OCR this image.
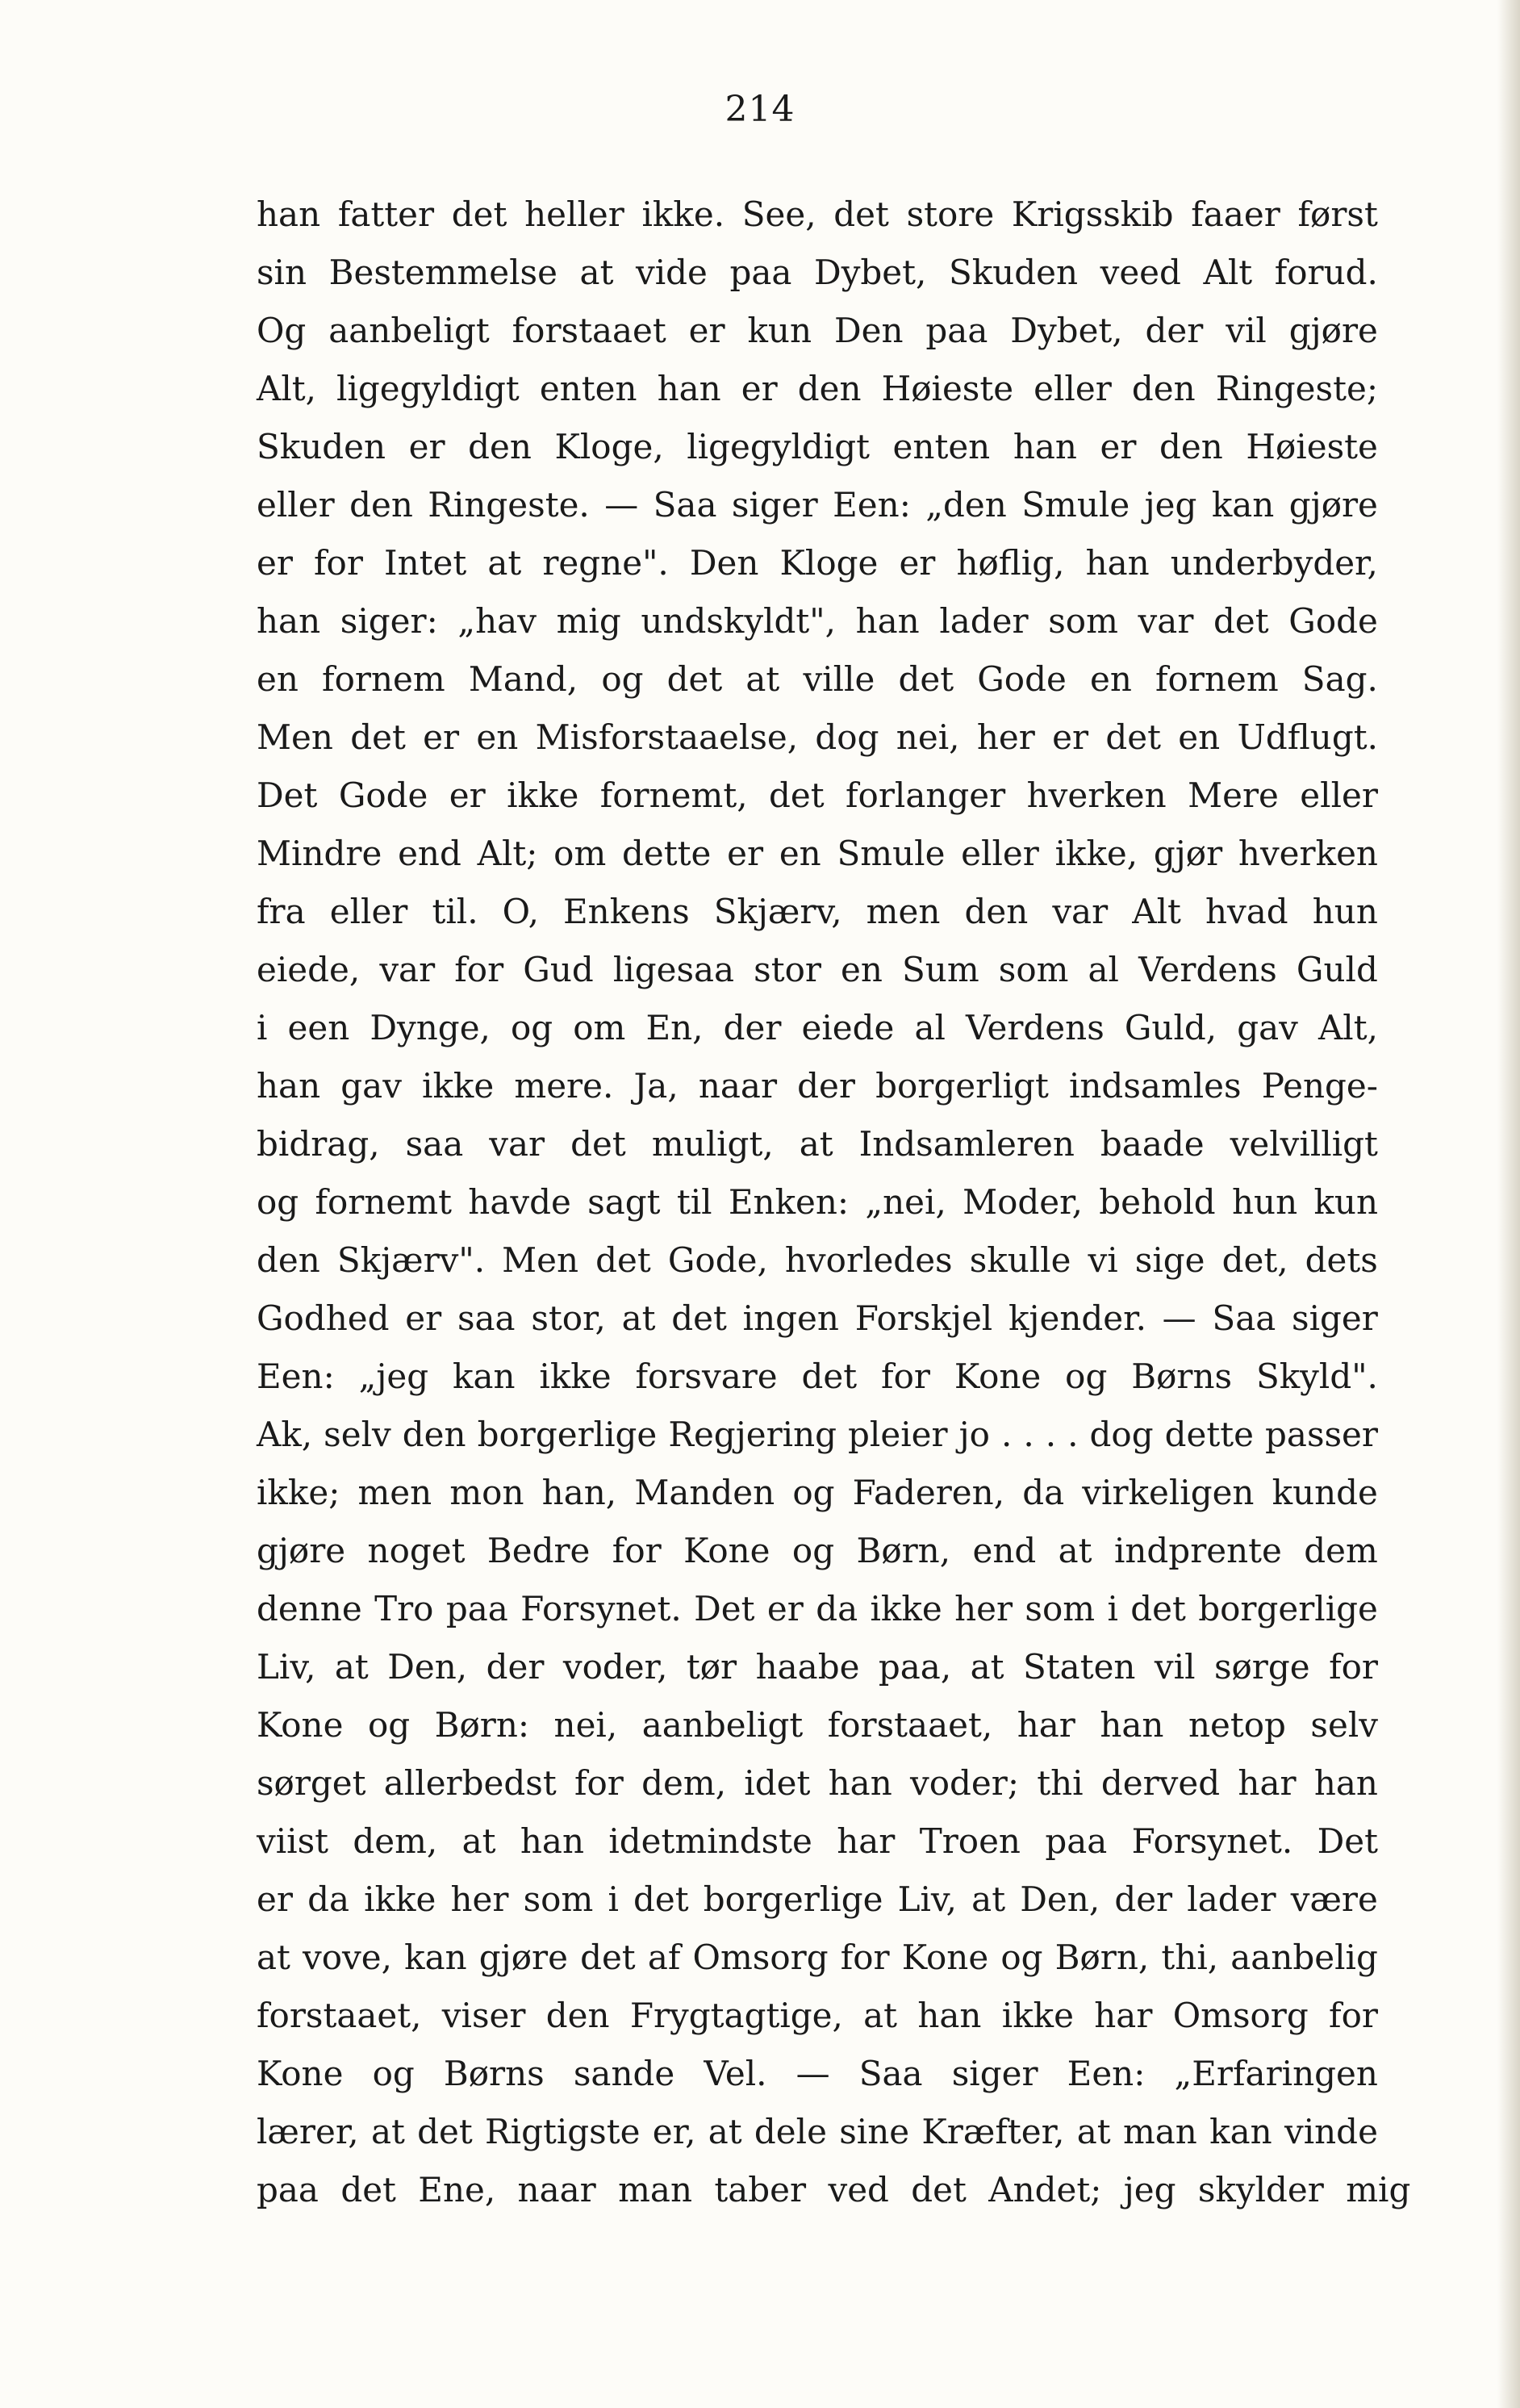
214
han fatter det heller ikke. See, det store Krigsskib faaer først
sin Bestemmelse at vide paa Dybet, Skuden veed Alt forud.
Og aanbeligt forstaaet er kun Den paa Dybet, der vil gjøre
Alt, ligegyldigt enten han er den Høieste eller den Ringeste;
Skuden er den Kloge, ligegyldigt enten han er den Høieste
eller den Ringeste. — Saa siger Een: „den Smule jeg kan gjøre
er for Intet at regne". Den Kloge er høflig, han underbyder,
han siger: „hav mig undskyldt", han lader som var det Gode
en fornem Mand, og det at ville det Gode en fornem Sag.
Men det er en Misforstaaelse, dog nei, her er det en Udflugt.
Det Gode er ikke fornemt, det forlanger hverken Mere eller
Mindre end Alt; om dette er en Smule eller ikke, gjør hverken
fra eller til. O, Enkens Skjærv, men den var Alt hvad hun
eiede, var for Gud ligesaa stor en Sum som al Verdens Guld
i een Dynge, og om En, der eiede al Verdens Guld, gav Alt,
han gav ikke mere. Ja, naar der borgerligt indsamles Penge-
bidrag, saa var det muligt, at Indsamleren baade velvilligt
og fornemt havde sagt til Enken: „nei, Moder, behold hun kun
den Skjærv". Men det Gode, hvorledes skulle vi sige det, dets
Godhed er saa stor, at det ingen Forskjel kjender. — Saa siger
Een: „jeg kan ikke forsvare det for Kone og Børns Skyld".
Ak, selv den borgerlige Regjering pleier jo . . . . dog dette passer
ikke; men mon han, Manden og Faderen, da virkeligen kunde
gjøre noget Bedre for Kone og Børn, end at indprente dem
denne Tro paa Forsynet. Det er da ikke her som i det borgerlige
Liv, at Den, der voder, tør haabe paa, at Staten vil sørge for
Kone og Børn: nei, aanbeligt forstaaet, har han netop selv
sørget allerbedst for dem, idet han voder; thi derved har han
viist dem, at han idetmindste har Troen paa Forsynet. Det
er da ikke her som i det borgerlige Liv, at Den, der lader være
at vove, kan gjøre det af Omsorg for Kone og Børn, thi, aanbelig
forstaaet, viser den Frygtagtige, at han ikke har Omsorg for
Kone og Børns sande Vel. — Saa siger Een: „Erfaringen
lærer, at det Rigtigste er, at dele sine Kræfter, at man kan vinde
paa det Ene, naar man taber ved det Andet; jeg skylder mig
